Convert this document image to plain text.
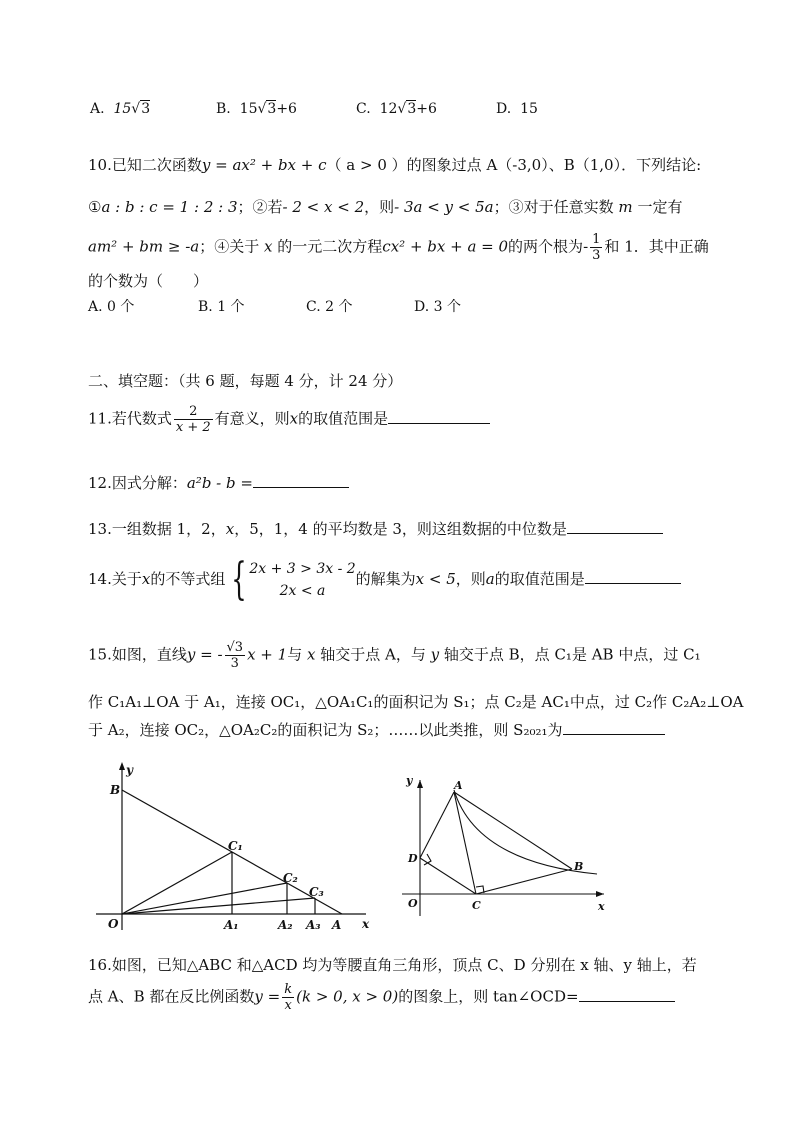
A. 15√3	B. 15√3+6	C. 12√3+6	D. 15
10.已知二次函数y = ax² + bx + c（ a > 0 ）的图象过点 A（-3,0）、B（1,0）．下列结论:
①a : b : c = 1 : 2 : 3；②若- 2 < x < 2，则- 3a < y < 5a；③对于任意实数 m 一定有
am² + bm ≥ -a；④关于 x 的一元二次方程cx² + bx + a = 0的两个根为- $\frac{1}{3}$ 和 1．其中正确
的个数为（　　）
A. 0 个	B. 1 个	C. 2 个	D. 3 个
二、填空题：（共 6 题，每题 4 分，计 24 分）
11.若代数式 $\frac{2}{x + 2}$ 有意义，则x的取值范围是
12.因式分解：a²b - b =
13.一组数据 1，2，x，5，1，4 的平均数是 3，则这组数据的中位数是
14.关于x的不等式组 { 2x + 3 > 3x - 2
2x < a
的解集为x < 5，则a的取值范围是
15.如图，直线y = - $\frac{√3}{3}$ x + 1与 x 轴交于点 A，与 y 轴交于点 B，点 C₁是 AB 中点，过 C₁
作 C₁A₁⊥OA 于 A₁，连接 OC₁，△OA₁C₁的面积记为 S₁；点 C₂是 AC₁中点，过 C₂作 C₂A₂⊥OA
于 A₂，连接 OC₂，△OA₂C₂的面积记为 S₂；……以此类推，则 S₂₀₂₁为
y
B
O
C₁
C₂
C₃
A₁	A₂ A₃ A x
y	A
B
D
C
O	x
16.如图，已知△ABC 和△ACD 均为等腰直角三角形，顶点 C、D 分别在 x 轴、y 轴上，若
点 A、B 都在反比例函数$y = \frac{k}{x} (k > 0$, x > 0)的图象上，则 tan∠OCD=
